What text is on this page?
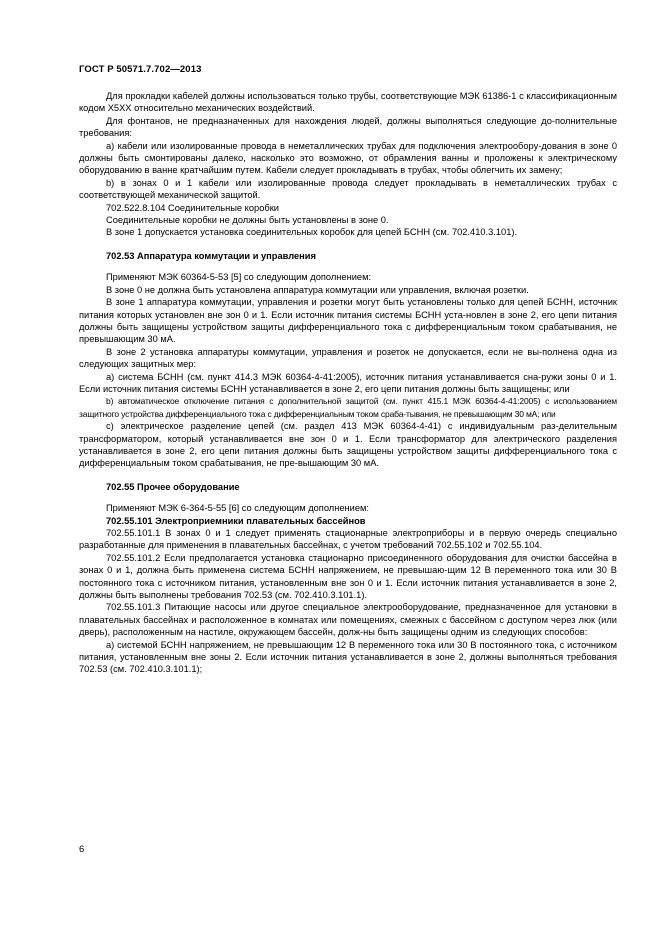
ГОСТ Р 50571.7.702—2013

Для прокладки кабелей должны использоваться только трубы, соответствующие МЭК 61386-1 с классификационным кодом X5XX относительно механических воздействий.

Для фонтанов, не предназначенных для нахождения людей, должны выполняться следующие до-полнительные требования:

a) кабели или изолированные провода в неметаллических трубах для подключения электрообору-дования в зоне 0 должны быть смонтированы далеко, насколько это возможно, от обрамления ванны и проложены к электрическому оборудованию в ванне кратчайшим путем. Кабели следует прокладывать в трубах, чтобы облегчить их замену;

b) в зонах 0 и 1 кабели или изолированные провода следует прокладывать в неметаллических трубах с соответствующей механической защитой.

702.522.8.104 Соединительные коробки

Соединительные коробки не должны быть установлены в зоне 0.

В зоне 1 допускается установка соединительных коробок для цепей БСНН (см. 702.410.3.101).

702.53 Аппаратура коммутации и управления

Применяют МЭК 60364-5-53 [5] со следующим дополнением:

В зоне 0 не должна быть установлена аппаратура коммутации или управления, включая розетки.

В зоне 1 аппаратура коммутации, управления и розетки могут быть установлены только для цепей БСНН, источник питания которых установлен вне зон 0 и 1. Если источник питания системы БСНН уста-новлен в зоне 2, его цепи питания должны быть защищены устройством защиты дифференциального тока с дифференциальным током срабатывания, не превышающим 30 мА.

В зоне 2 установка аппаратуры коммутации, управления и розеток не допускается, если не вы-полнена одна из следующих защитных мер:

a) система БСНН (см. пункт 414.3 МЭК 60364-4-41:2005), источник питания устанавливается сна-ружи зоны 0 и 1. Если источник питания системы БСНН устанавливается в зоне 2, его цепи питания должны быть защищены; или

b) автоматическое отключение питания с дополнительной защитой (см. пункт 415.1 МЭК 60364-4-41:2005) с использованием защитного устройства дифференциального тока с дифференциальным током сраба-тывания, не превышающим 30 мА; или

c) электрическое разделение цепей (см. раздел 413 МЭК 60364-4-41) с индивидуальным раз-делительным трансформатором, который устанавливается вне зон 0 и 1. Если трансформатор для электрического разделения устанавливается в зоне 2, его цепи питания должны быть защищены устройством защиты дифференциального тока с дифференциальным током срабатывания, не пре-вышающим 30 мА.

702.55 Прочее оборудование

Применяют МЭК 6-364-5-55 [6] со следующим дополнением:

702.55.101 Электроприемники плавательных бассейнов

702.55.101.1 В зонах 0 и 1 следует применять стационарные электроприборы и в первую очередь специально разработанные для применения в плавательных бассейнах, с учетом требований 702.55.102 и 702.55.104.

702.55.101.2 Если предполагается установка стационарно присоединенного оборудования для очистки бассейна в зонах 0 и 1, должна быть применена система БСНН напряжением, не превышаю-щим 12 В переменного тока или 30 В постоянного тока с источником питания, установленным вне зон 0 и 1. Если источник питания устанавливается в зоне 2, должны быть выполнены требования 702.53 (см. 702.410.3.101.1).

702.55.101.3 Питающие насосы или другое специальное электрооборудование, предназначенное для установки в плавательных бассейнах и расположенное в комнатах или помещениях, смежных с бассейном с доступом через люк (или дверь), расположенным на настиле, окружающем бассейн, долж-ны быть защищены одним из следующих способов:

a) системой БСНН напряжением, не превышающим 12 В переменного тока или 30 В постоянного тока, с источником питания, установленным вне зоны 2. Если источник питания устанавливается в зоне 2, должны выполняться требования 702.53 (см. 702.410.3.101.1);

6
